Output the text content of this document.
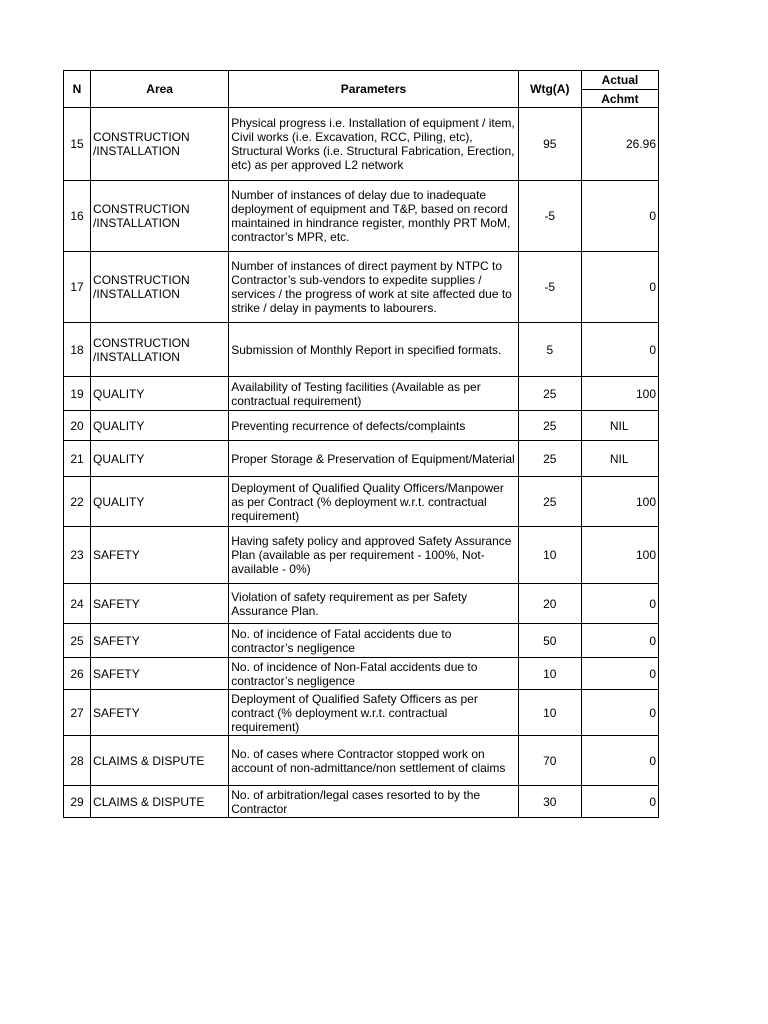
N	Area	Parameters	Wtg(A)	Actual
				Achmt
15	CONSTRUCTION /INSTALLATION	Physical progress i.e. Installation of equipment / item, Civil works (i.e. Excavation, RCC, Piling, etc), Structural Works (i.e. Structural Fabrication, Erection, etc) as per approved L2 network	95	26.96
16	CONSTRUCTION /INSTALLATION	Number of instances of delay due to inadequate deployment of equipment and T&P, based on record maintained in hindrance register, monthly PRT MoM, contractor’s MPR, etc.	-5	0
17	CONSTRUCTION /INSTALLATION	Number of instances of direct payment by NTPC to Contractor’s sub-vendors to expedite supplies / services / the progress of work at site affected due to strike / delay in payments to labourers.	-5	0
18	CONSTRUCTION /INSTALLATION	Submission of Monthly Report in specified formats.	5	0
19	QUALITY	Availability of Testing facilities (Available as per contractual requirement)	25	100
20	QUALITY	Preventing recurrence of defects/complaints	25	NIL
21	QUALITY	Proper Storage & Preservation of Equipment/Material	25	NIL
22	QUALITY	Deployment of Qualified Quality Officers/Manpower as per Contract (% deployment w.r.t. contractual requirement)	25	100
23	SAFETY	Having safety policy and approved Safety Assurance Plan (available as per requirement - 100%, Not-available - 0%)	10	100
24	SAFETY	Violation of safety requirement as per Safety Assurance Plan.	20	0
25	SAFETY	No. of incidence of Fatal accidents due to contractor’s negligence	50	0
26	SAFETY	No. of incidence of Non-Fatal accidents due to contractor’s negligence	10	0
27	SAFETY	Deployment of Qualified Safety Officers as per contract (% deployment w.r.t. contractual requirement)	10	0
28	CLAIMS & DISPUTE	No. of cases where Contractor stopped work on account of non-admittance/non settlement of claims	70	0
29	CLAIMS & DISPUTE	No. of arbitration/legal cases resorted to by the Contractor	30	0
